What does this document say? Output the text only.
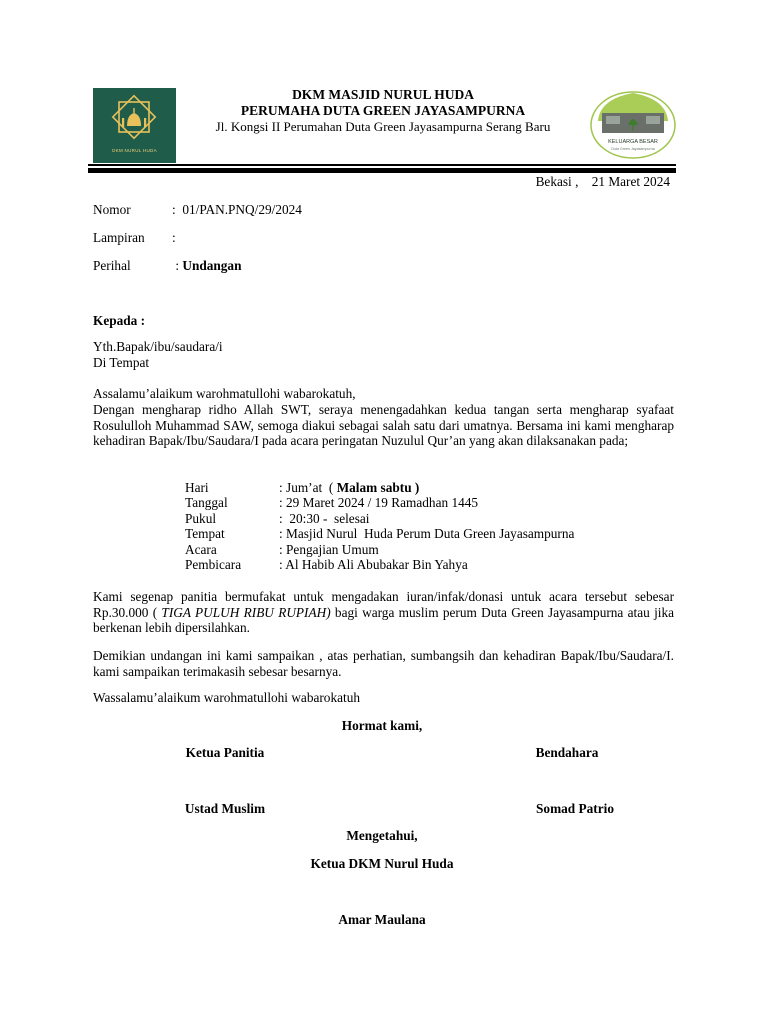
DKM NURUL HUDA
DKM MASJID NURUL HUDA
PERUMAHA DUTA GREEN JAYASAMPURNA
Jl. Kongsi II Perumahan Duta Green Jayasampurna Serang Baru
KELUARGA BESAR
Duta Green Jayasampurna
Bekasi ,    21 Maret 2024
Nomor	:  01/PAN.PNQ/29/2024
Lampiran :
Perihal	: Undangan
Kepada :
Yth.Bapak/ibu/saudara/i
Di Tempat
Assalamu’alaikum warohmatullohi wabarokatuh,
Dengan mengharap ridho Allah SWT, seraya menengadahkan kedua tangan serta mengharap syafaat Rosululloh Muhammad SAW, semoga diakui sebagai salah satu dari umatnya. Bersama ini kami mengharap kehadiran Bapak/Ibu/Saudara/I pada acara peringatan Nuzulul Qur’an yang akan dilaksanakan pada;
Hari	: Jum’at  ( Malam sabtu )
Tanggal	: 29 Maret 2024 / 19 Ramadhan 1445
Pukul	:  20:30 -  selesai
Tempat	: Masjid Nurul  Huda Perum Duta Green Jayasampurna
Acara	: Pengajian Umum
Pembicara	: Al Habib Ali Abubakar Bin Yahya
Kami segenap panitia bermufakat untuk mengadakan iuran/infak/donasi untuk acara tersebut sebesar Rp.30.000 ( TIGA PULUH RIBU RUPIAH) bagi warga muslim perum Duta Green Jayasampurna atau jika berkenan lebih dipersilahkan.
Demikian undangan ini kami sampaikan , atas perhatian, sumbangsih dan kehadiran Bapak/Ibu/Saudara/I. kami sampaikan terimakasih sebesar besarnya.
Wassalamu’alaikum warohmatullohi wabarokatuh
Hormat kami,
Ketua Panitia	Bendahara
Ustad Muslim	Somad Patrio
Mengetahui,
Ketua DKM Nurul Huda
Amar Maulana
